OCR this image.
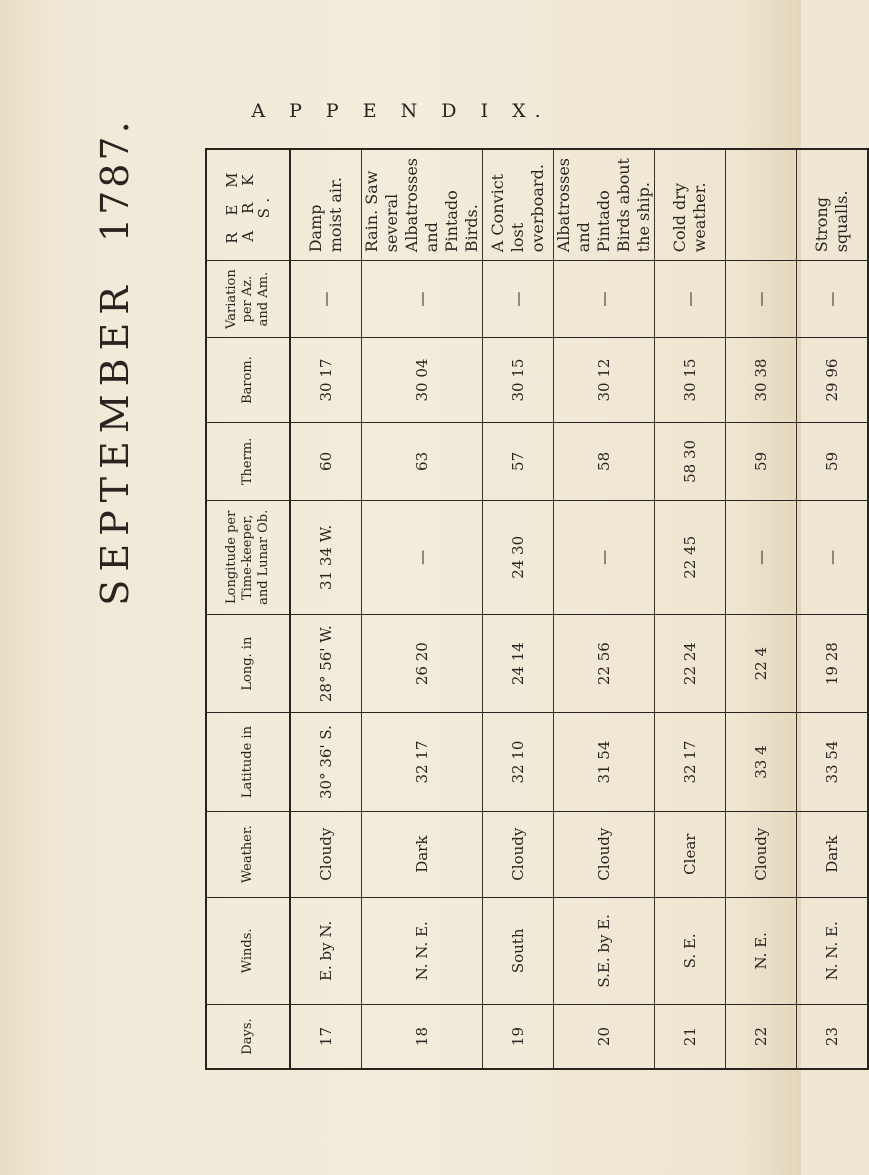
A P P E N D I X.
SEPTEMBER1787.
Days.	Winds.	Weather.	Latitude in	Long. in	Longitude per Time-keeper, and Lunar Ob.	Therm.	Barom.	Variation per Az. and Am.	R E M A R K S.
17	E. by N.	Cloudy	30° 36' S.	28° 56' W.	31 34 W.	60	30 17	—	Damp moist air.
18	N. N. E.	Dark	32 17	26 20	—	63	30 04	—	Rain. Saw several Albatrosses and Pintado Birds.
19	South	Cloudy	32 10	24 14	24 30	57	30 15	—	A Convict lost overboard.
20	S.E. by E.	Cloudy	31 54	22 56	—	58	30 12	—	Albatrosses and Pintado Birds about the ship.
21	S. E.	Clear	32 17	22 24	22 45	58 30	30 15	—	Cold dry weather.
22	N. E.	Cloudy	33 4	22 4	—	59	30 38	—	
23	N. N. E.	Dark	33 54	19 28	—	59	29 96	—	Strong squalls.
